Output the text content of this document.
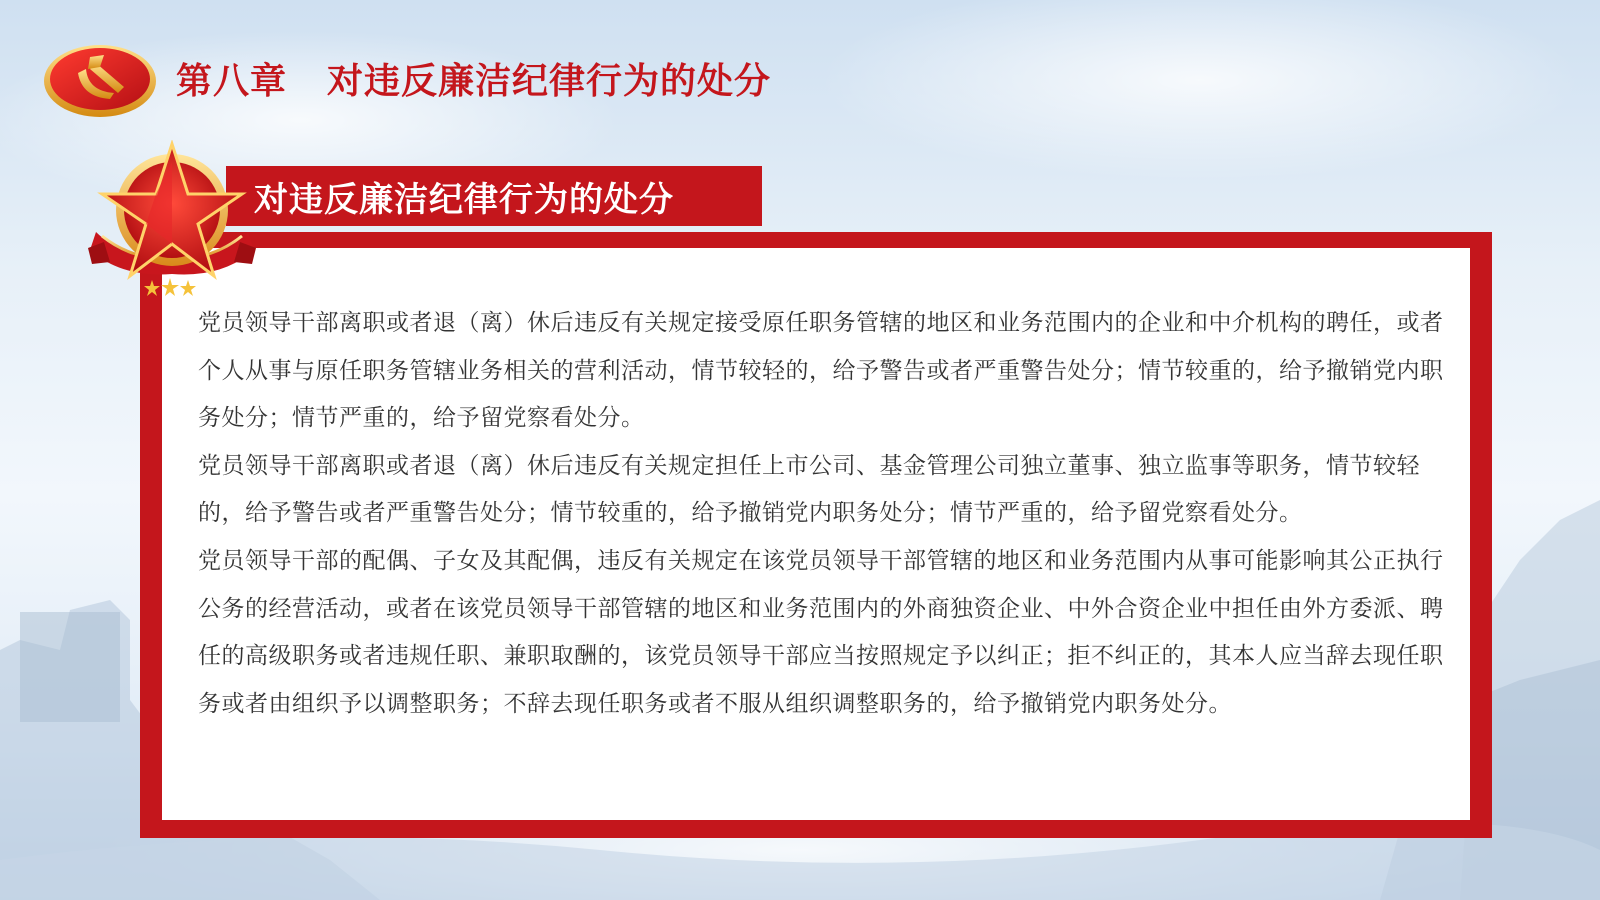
第八章 对违反廉洁纪律行为的处分

党员领导干部离职或者退（离）休后违反有关规定接受原任职务管辖的地区和业务范围内的企业和中介机构的聘任，或者个人从事与原任职务管辖业务相关的营利活动，情节较轻的，给予警告或者严重警告处分；情节较重的，给予撤销党内职务处分；情节严重的，给予留党察看处分。

党员领导干部离职或者退（离）休后违反有关规定担任上市公司、基金管理公司独立董事、独立监事等职务，情节较轻的，给予警告或者严重警告处分；情节较重的，给予撤销党内职务处分；情节严重的，给予留党察看处分。

党员领导干部的配偶、子女及其配偶，违反有关规定在该党员领导干部管辖的地区和业务范围内从事可能影响其公正执行公务的经营活动，或者在该党员领导干部管辖的地区和业务范围内的外商独资企业、中外合资企业中担任由外方委派、聘任的高级职务或者违规任职、兼职取酬的，该党员领导干部应当按照规定予以纠正；拒不纠正的，其本人应当辞去现任职务或者由组织予以调整职务；不辞去现任职务或者不服从组织调整职务的，给予撤销党内职务处分。

对违反廉洁纪律行为的处分
